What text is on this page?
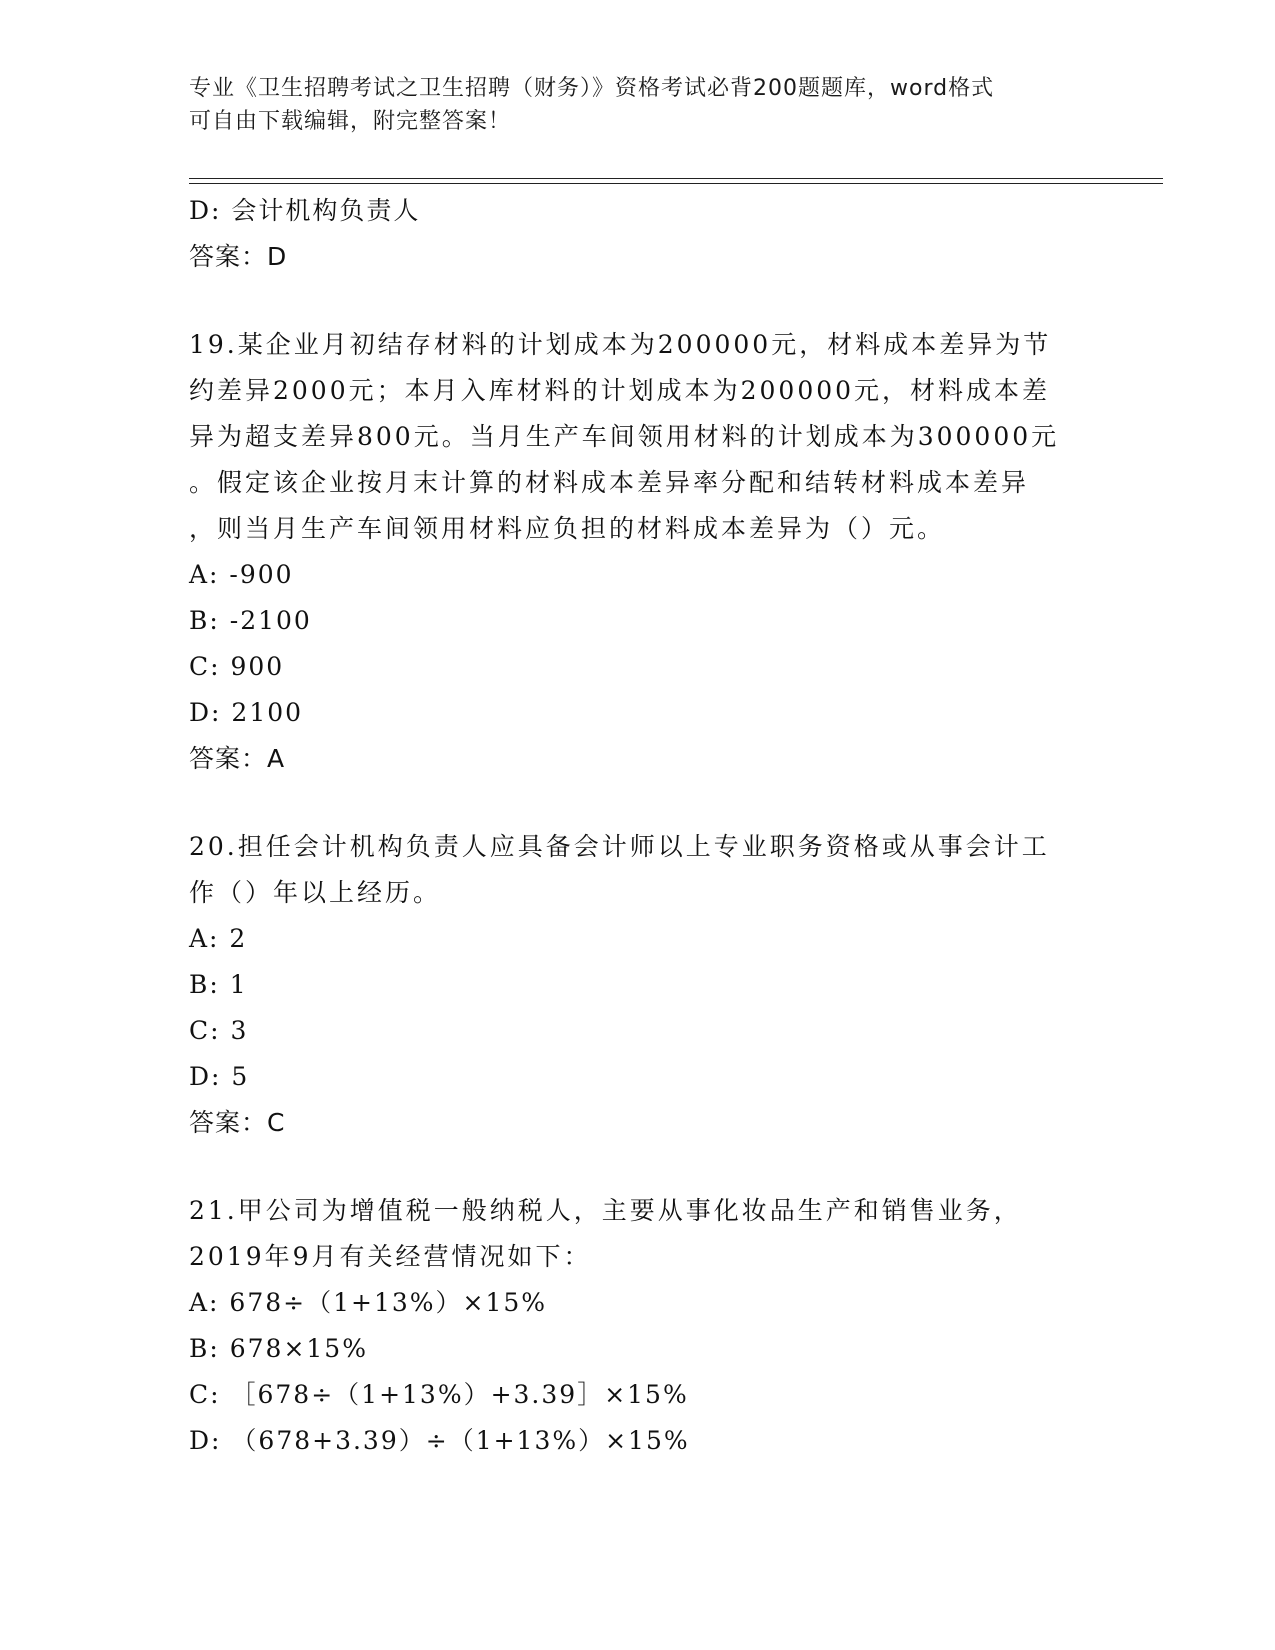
专业《卫生招聘考试之卫生招聘（财务）》资格考试必背200题题库，word格式
可自由下载编辑，附完整答案！
D: 会计机构负责人
答案：D
19.某企业月初结存材料的计划成本为200000元，材料成本差异为节
约差异2000元；本月入库材料的计划成本为200000元，材料成本差
异为超支差异800元。当月生产车间领用材料的计划成本为300000元
。假定该企业按月末计算的材料成本差异率分配和结转材料成本差异
，则当月生产车间领用材料应负担的材料成本差异为（）元。
A: -900
B: -2100
C: 900
D: 2100
答案：A
20.担任会计机构负责人应具备会计师以上专业职务资格或从事会计工
作（）年以上经历。
A: 2
B: 1
C: 3
D: 5
答案：C
21.甲公司为增值税一般纳税人，主要从事化妆品生产和销售业务，
2019年9月有关经营情况如下：
A: 678÷（1+13%）×15%
B: 678×15%
C: ［678÷（1+13%）+3.39］×15%
D: （678+3.39）÷（1+13%）×15%
